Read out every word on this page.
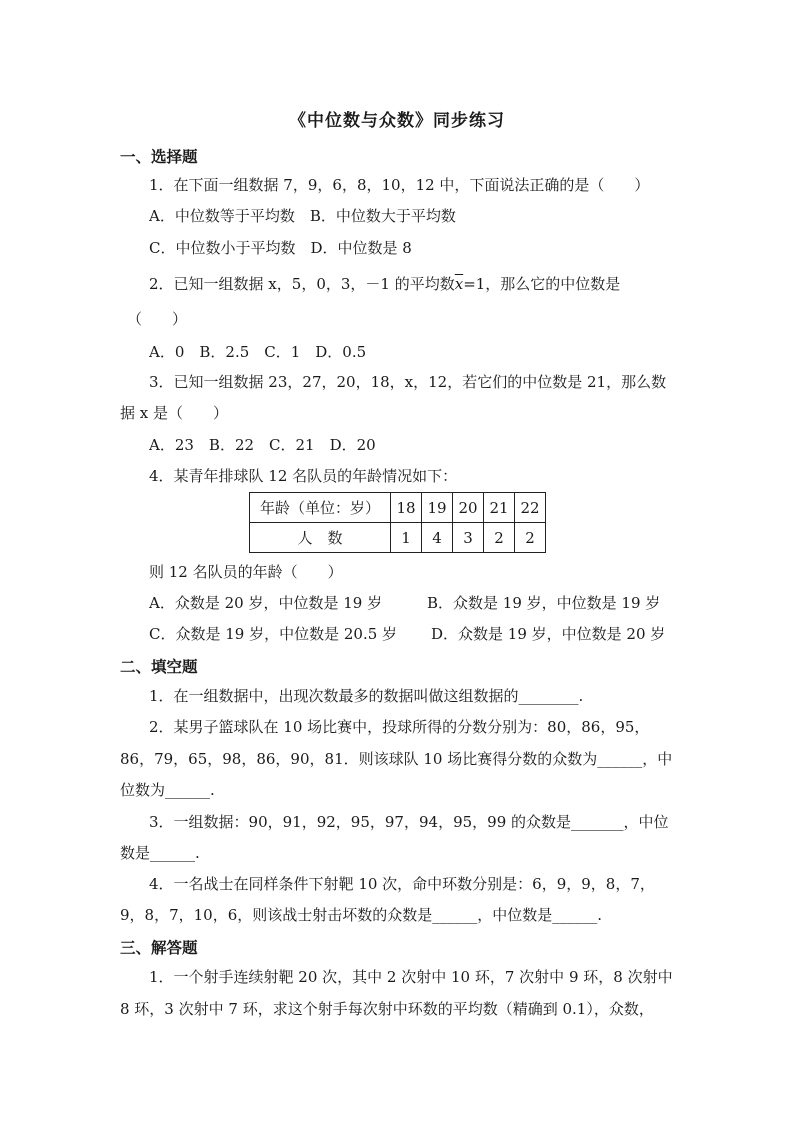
《中位数与众数》同步练习
一、选择题
1．在下面一组数据 7，9，6，8，10，12 中，下面说法正确的是（　　）
A．中位数等于平均数　B．中位数大于平均数
C．中位数小于平均数　D．中位数是 8
2．已知一组数据 x，5，0，3，－1 的平均数$\overline{x}=1$，那么它的中位数是
（　　）
A．0　B．2.5　C．1　D．0.5
3．已知一组数据 23，27，20，18，x，12，若它们的中位数是 21，那么数
据 x 是（　　）
A．23　B．22　C．21　D．20
4．某青年排球队 12 名队员的年龄情况如下：
年龄（单位：岁）	18	19	20	21	22
人　数	1	4	3	2	2
则 12 名队员的年龄（　　）
A．众数是 20 岁，中位数是 19 岁	B．众数是 19 岁，中位数是 19 岁
C．众数是 19 岁，中位数是 20.5 岁 D．众数是 19 岁，中位数是 20 岁
二、填空题
1．在一组数据中，出现次数最多的数据叫做这组数据的________.
2．某男子篮球队在 10 场比赛中，投球所得的分数分别为：80，86，95，
86，79，65，98，86，90，81．则该球队 10 场比赛得分数的众数为______，中
位数为______.
3．一组数据：90，91，92，95，97，94，95，99 的众数是_______，中位
数是______.
4．一名战士在同样条件下射靶 10 次，命中环数分别是：6，9，9，8，7，
9，8，7，10，6，则该战士射击坏数的众数是______，中位数是______.
三、解答题
1．一个射手连续射靶 20 次，其中 2 次射中 10 环，7 次射中 9 环，8 次射中
8 环，3 次射中 7 环，求这个射手每次射中环数的平均数（精确到 0.1），众数，
